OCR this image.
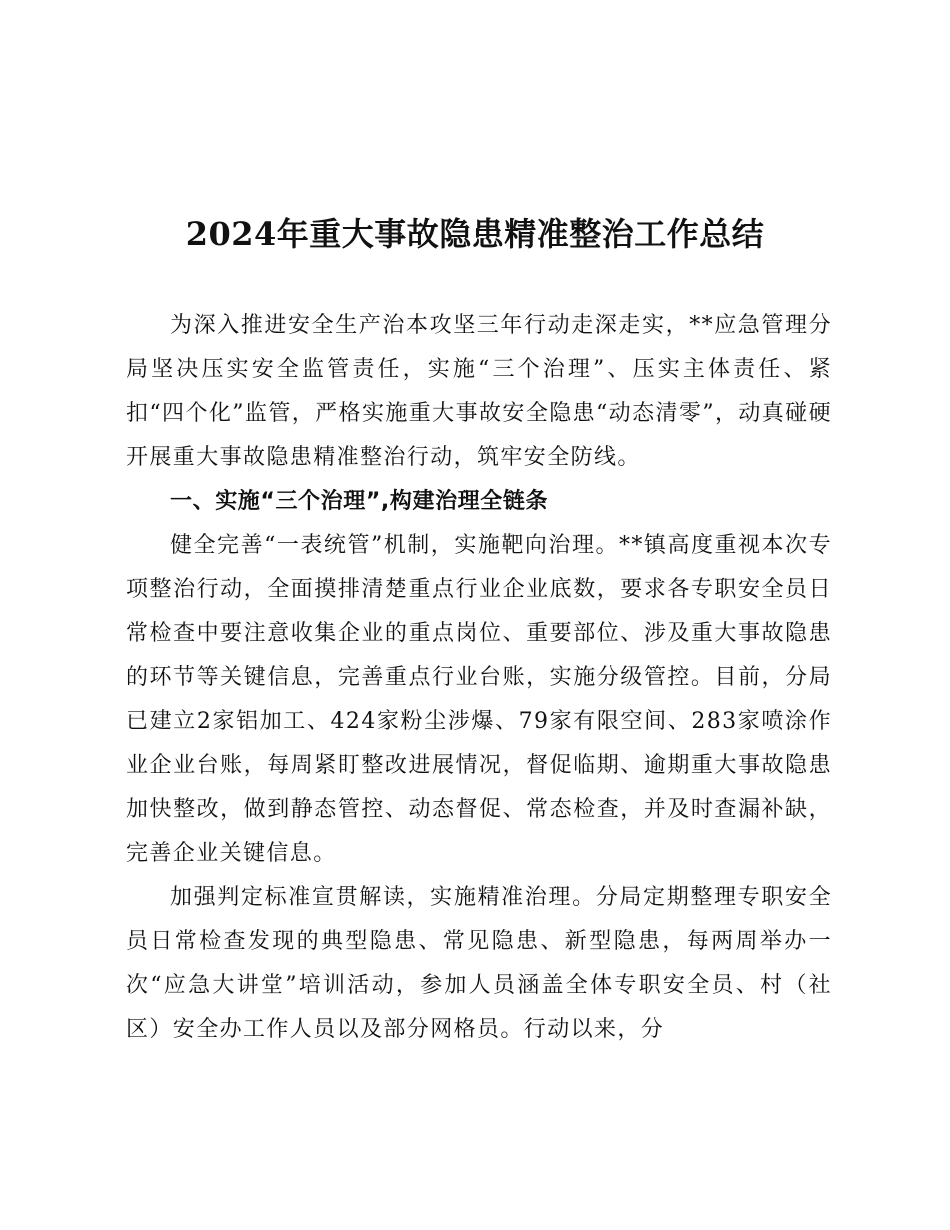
2024年重大事故隐患精准整治工作总结

为深入推进安全生产治本攻坚三年行动走深走实，**应急管理分局坚决压实安全监管责任，实施“三个治理”、压实主体责任、紧扣“四个化”监管，严格实施重大事故安全隐患“动态清零”，动真碰硬开展重大事故隐患精准整治行动，筑牢安全防线。

一、实施“三个治理”,构建治理全链条

健全完善“一表统管”机制，实施靶向治理。**镇高度重视本次专项整治行动，全面摸排清楚重点行业企业底数，要求各专职安全员日常检查中要注意收集企业的重点岗位、重要部位、涉及重大事故隐患的环节等关键信息，完善重点行业台账，实施分级管控。目前，分局已建立2家铝加工、424家粉尘涉爆、79家有限空间、283家喷涂作业企业台账，每周紧盯整改进展情况，督促临期、逾期重大事故隐患加快整改，做到静态管控、动态督促、常态检查，并及时查漏补缺，完善企业关键信息。

加强判定标准宣贯解读，实施精准治理。分局定期整理专职安全员日常检查发现的典型隐患、常见隐患、新型隐患，每两周举办一次“应急大讲堂”培训活动，参加人员涵盖全体专职安全员、村（社区）安全办工作人员以及部分网格员。行动以来，分
